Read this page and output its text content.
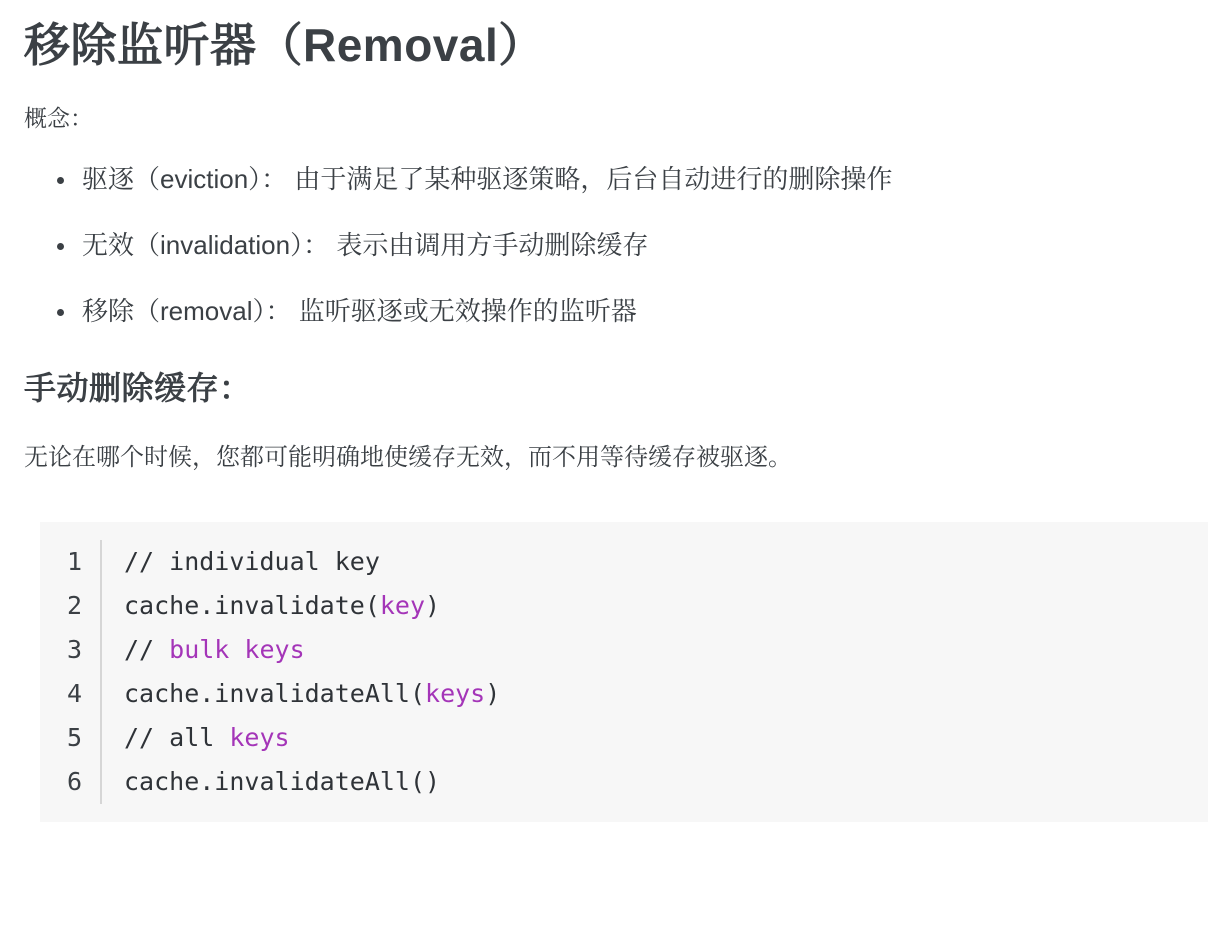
移除监听器（Removal）

概念：

驱逐（eviction）： 由于满足了某种驱逐策略，后台自动进行的删除操作
无效（invalidation）： 表示由调用方手动删除缓存
移除（removal）： 监听驱逐或无效操作的监听器
手动删除缓存：

无论在哪个时候，您都可能明确地使缓存无效，而不用等待缓存被驱逐。

1	// individual key
2	cache.invalidate(key)
3	// bulk keys
4	cache.invalidateAll(keys)
5	// all keys
6	cache.invalidateAll()
